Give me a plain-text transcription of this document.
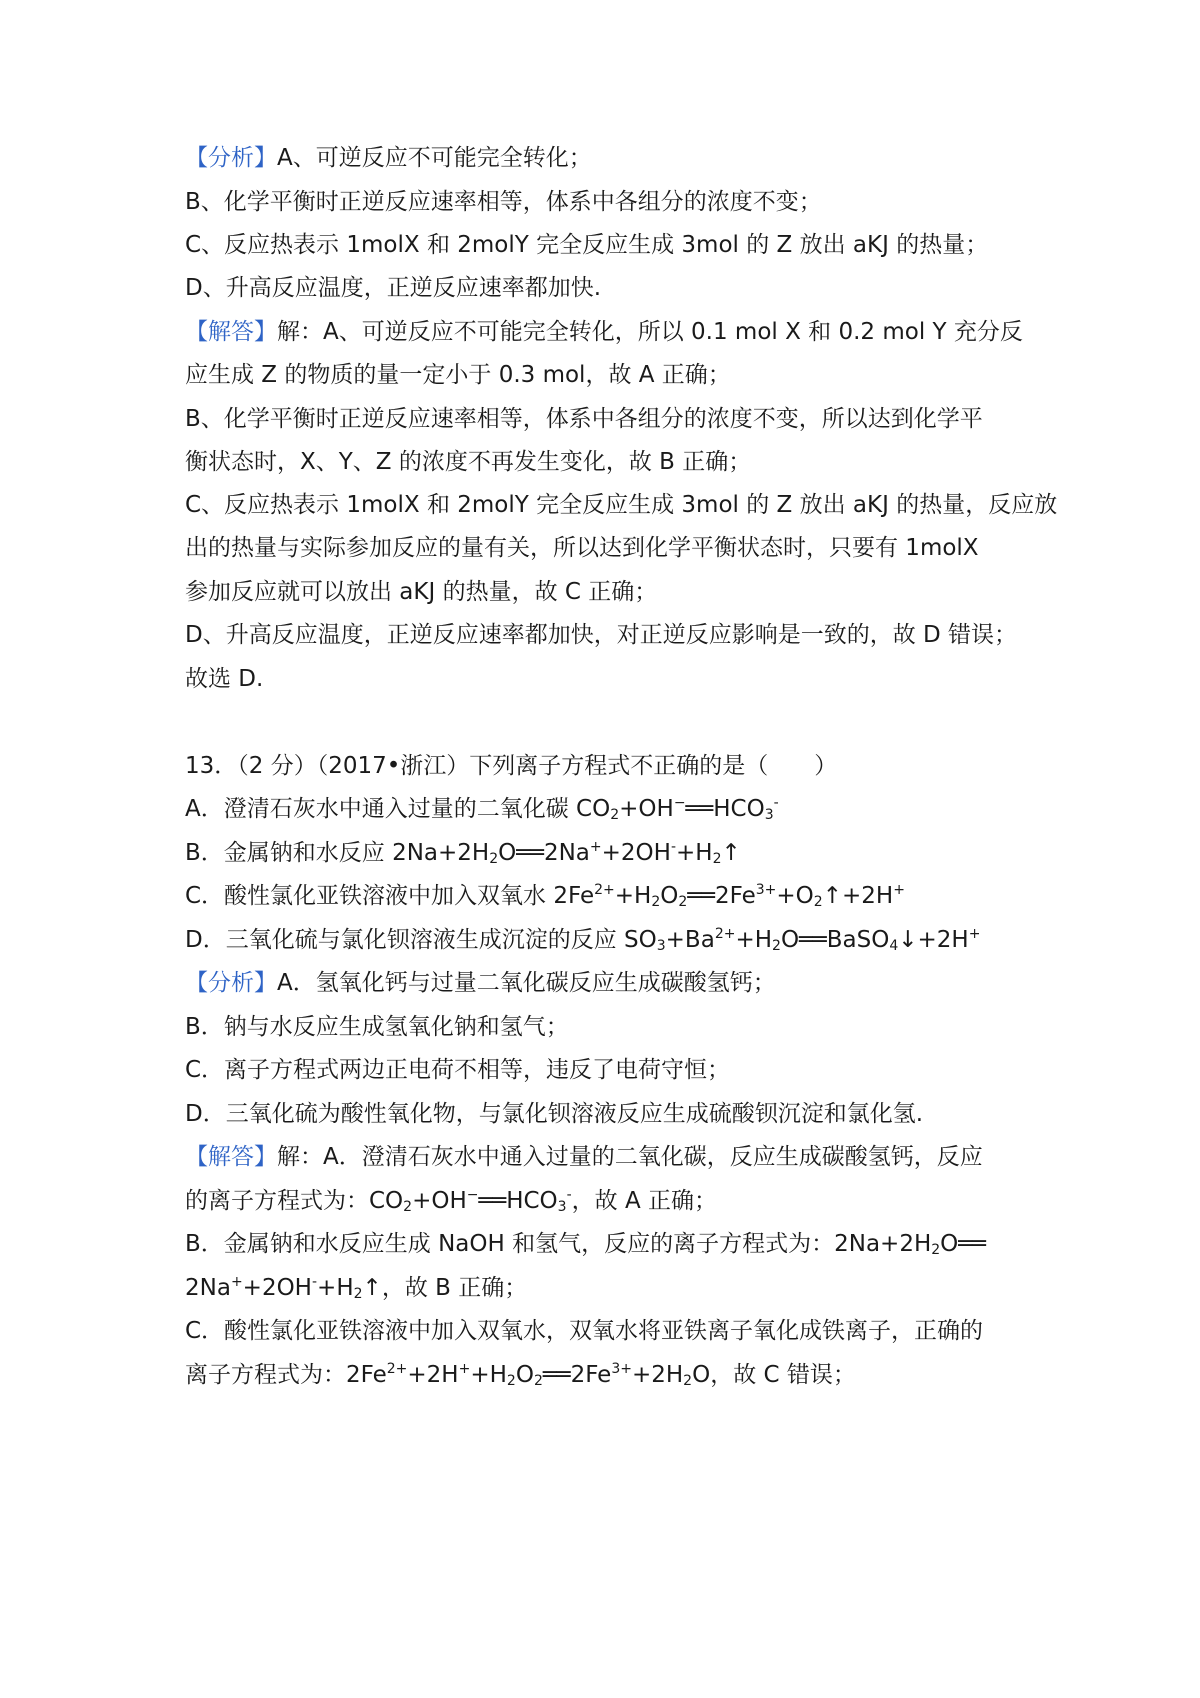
【分析】A、可逆反应不可能完全转化；
B、化学平衡时正逆反应速率相等，体系中各组分的浓度不变；
C、反应热表示 1molX 和 2molY 完全反应生成 3mol 的 Z 放出 aKJ 的热量；
D、升高反应温度，正逆反应速率都加快.
【解答】解：A、可逆反应不可能完全转化，所以 0.1 mol X 和 0.2 mol Y 充分反
应生成 Z 的物质的量一定小于 0.3 mol，故 A 正确；
B、化学平衡时正逆反应速率相等，体系中各组分的浓度不变，所以达到化学平
衡状态时，X、Y、Z 的浓度不再发生变化，故 B 正确；
C、反应热表示 1molX 和 2molY 完全反应生成 3mol 的 Z 放出 aKJ 的热量，反应放
出的热量与实际参加反应的量有关，所以达到化学平衡状态时，只要有 1molX
参加反应就可以放出 aKJ 的热量，故 C 正确；
D、升高反应温度，正逆反应速率都加快，对正逆反应影响是一致的，故 D 错误；
故选 D.
13．（2 分）（2017•浙江）下列离子方程式不正确的是（　　）
A．澄清石灰水中通入过量的二氧化碳 $CO_2+OH^-══HCO_3^-$
B．金属钠和水反应 $2Na+2H_2O══2Na^++2OH^-+H_2↑$
C．酸性氯化亚铁溶液中加入双氧水 $2Fe^{2+}+H_2O_2══2Fe^{3+}+O_2↑+2H^+$
D．三氧化硫与氯化钡溶液生成沉淀的反应 $SO_3+Ba^{2+}+H_2O══BaSO_4↓+2H^+$
【分析】A．氢氧化钙与过量二氧化碳反应生成碳酸氢钙；
B．钠与水反应生成氢氧化钠和氢气；
C．离子方程式两边正电荷不相等，违反了电荷守恒；
D．三氧化硫为酸性氧化物，与氯化钡溶液反应生成硫酸钡沉淀和氯化氢.
【解答】解：A．澄清石灰水中通入过量的二氧化碳，反应生成碳酸氢钙，反应
的离子方程式为：$CO_2+OH^-══HCO_3^-$，故 A 正确；
B．金属钠和水反应生成 NaOH 和氢气，反应的离子方程式为：$2Na+2H_2O══$
$2Na^++2OH^-+H_2↑$，故 B 正确；
C．酸性氯化亚铁溶液中加入双氧水，双氧水将亚铁离子氧化成铁离子，正确的
离子方程式为：$2Fe^{2+}+2H^++H_2O_2══2Fe^{3+}+2H_2O$，故 C 错误；
